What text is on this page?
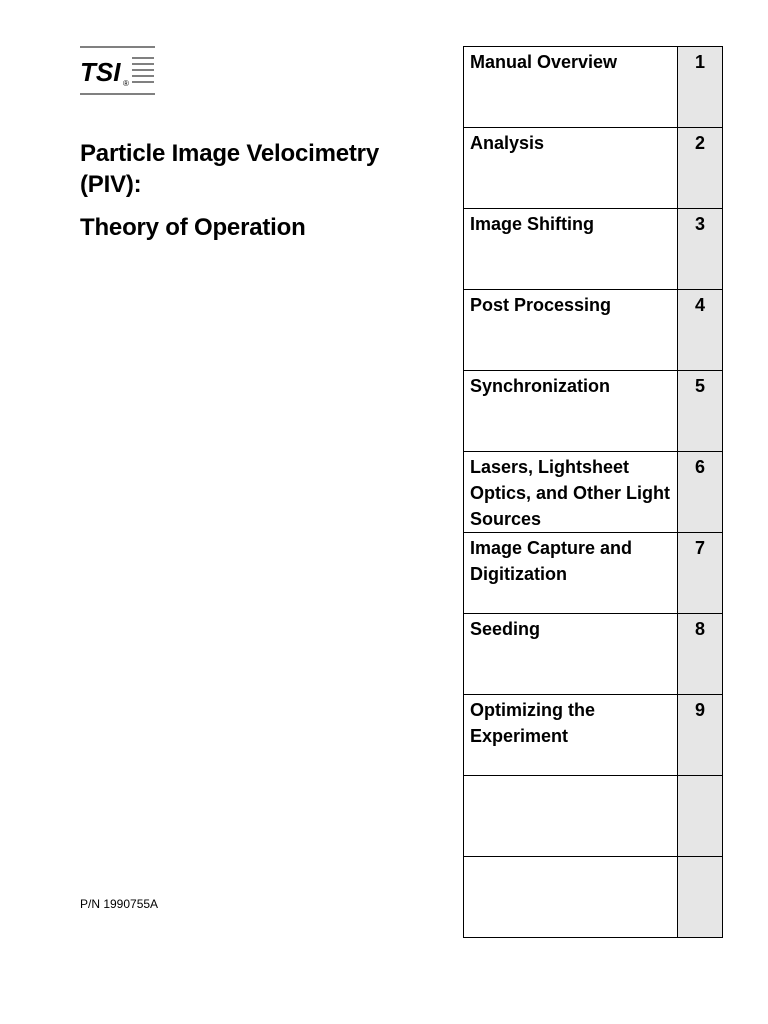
TSI ®
Particle Image Velocimetry
(PIV):
Theory of Operation
P/N 1990755A
Manual Overview	1
Analysis	2
Image Shifting	3
Post Processing	4
Synchronization	5
Lasers, Lightsheet Optics, and Other Light Sources	6
Image Capture and Digitization	7
Seeding	8
Optimizing the Experiment	9
